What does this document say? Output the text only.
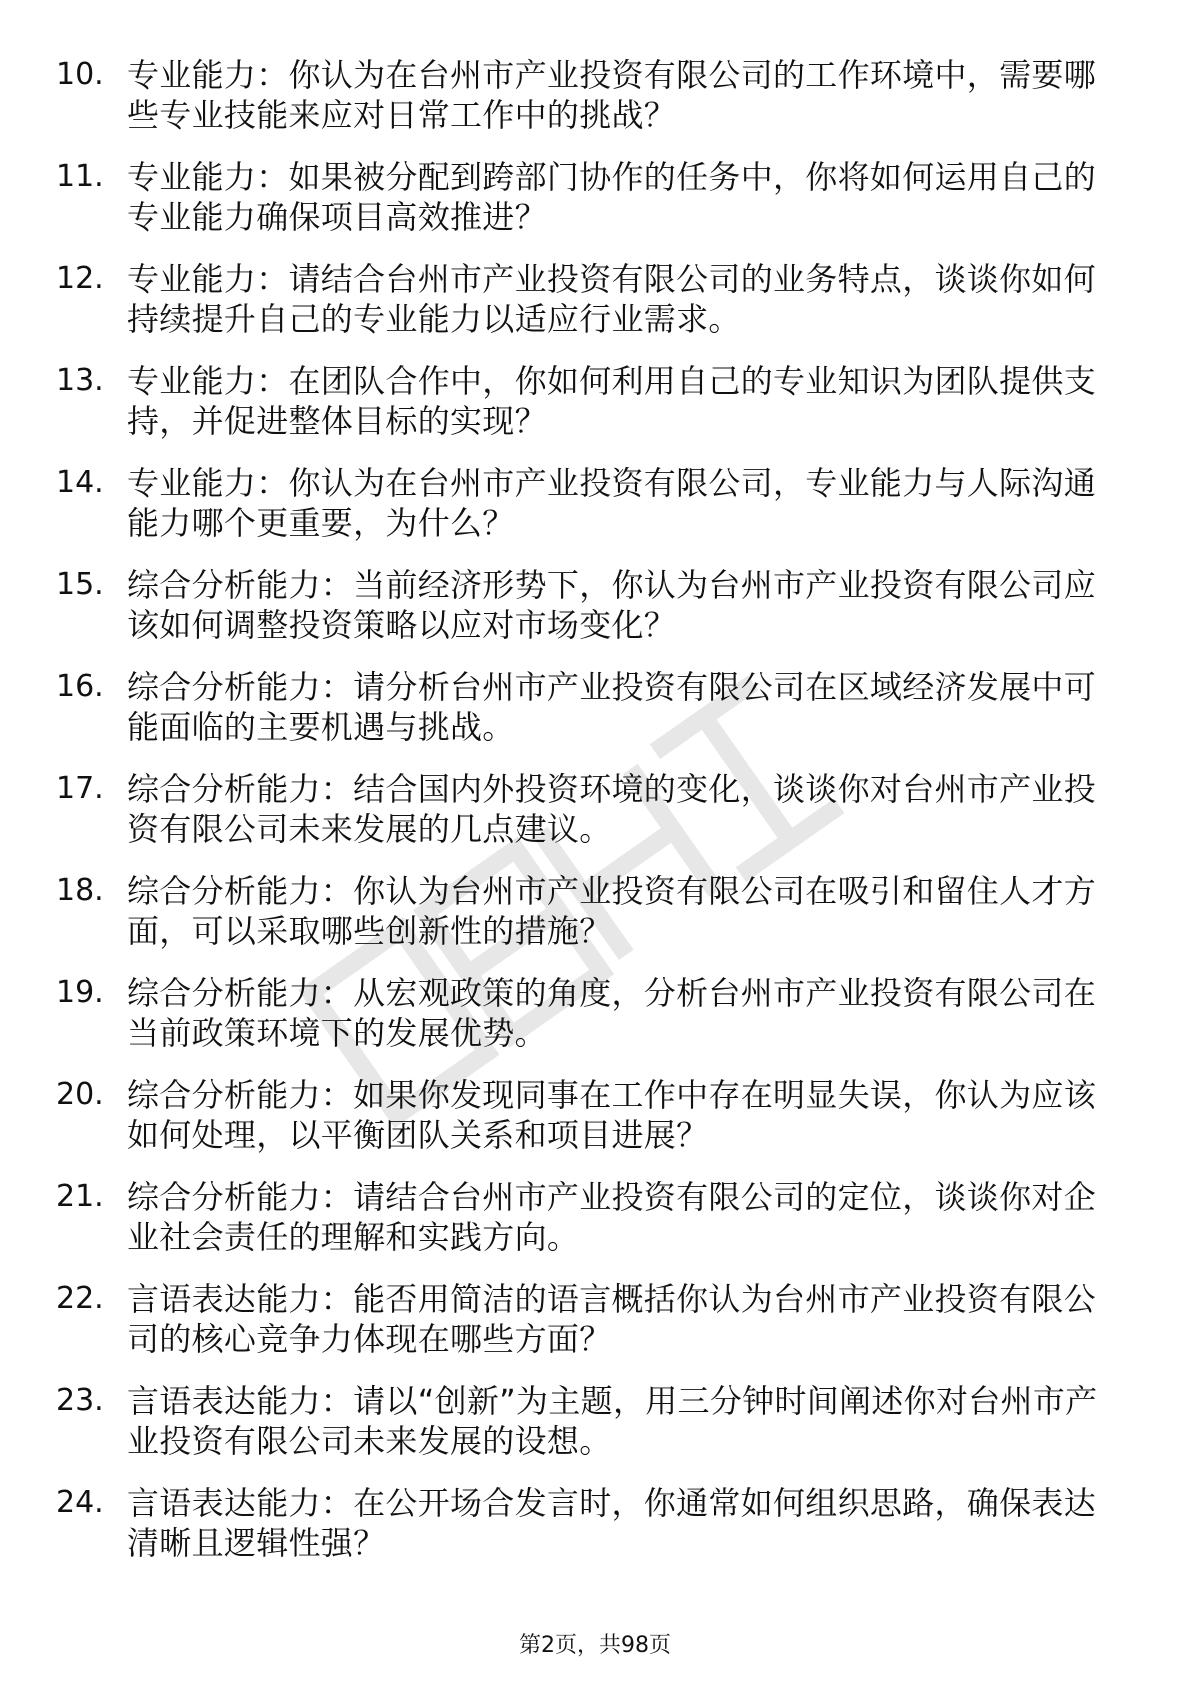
10. 专业能力：你认为在台州市产业投资有限公司的工作环境中，需要哪些专业技能来应对日常工作中的挑战？
11. 专业能力：如果被分配到跨部门协作的任务中，你将如何运用自己的专业能力确保项目高效推进？
12. 专业能力：请结合台州市产业投资有限公司的业务特点，谈谈你如何持续提升自己的专业能力以适应行业需求。
13. 专业能力：在团队合作中，你如何利用自己的专业知识为团队提供支持，并促进整体目标的实现？
14. 专业能力：你认为在台州市产业投资有限公司，专业能力与人际沟通能力哪个更重要，为什么？
15. 综合分析能力：当前经济形势下，你认为台州市产业投资有限公司应该如何调整投资策略以应对市场变化？
16. 综合分析能力：请分析台州市产业投资有限公司在区域经济发展中可能面临的主要机遇与挑战。
17. 综合分析能力：结合国内外投资环境的变化，谈谈你对台州市产业投资有限公司未来发展的几点建议。
18. 综合分析能力：你认为台州市产业投资有限公司在吸引和留住人才方面，可以采取哪些创新性的措施？
19. 综合分析能力：从宏观政策的角度，分析台州市产业投资有限公司在当前政策环境下的发展优势。
20. 综合分析能力：如果你发现同事在工作中存在明显失误，你认为应该如何处理，以平衡团队关系和项目进展？
21. 综合分析能力：请结合台州市产业投资有限公司的定位，谈谈你对企业社会责任的理解和实践方向。
22. 言语表达能力：能否用简洁的语言概括你认为台州市产业投资有限公司的核心竞争力体现在哪些方面？
23. 言语表达能力：请以“创新”为主题，用三分钟时间阐述你对台州市产业投资有限公司未来发展的设想。
24. 言语表达能力：在公开场合发言时，你通常如何组织思路，确保表达清晰且逻辑性强？
第2页，共98页
